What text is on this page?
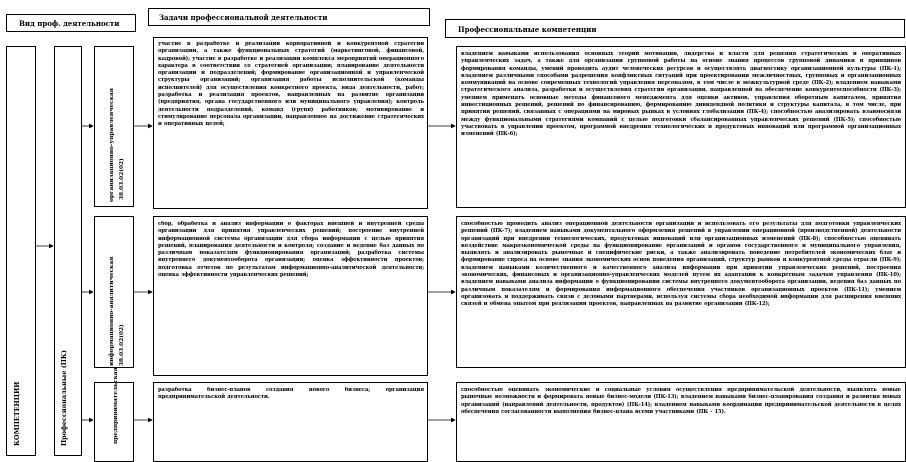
Вид проф. деятельности
Задачи профессиональной деятельности
Профессиональные компетенции
КОМПЕТЕНЦИИ	Профессиональные (ПК)
организационно-управленческая 38.03.02(02)
информационно-аналитическая 38.03.02(02)
предпринимательская
участие в разработке и реализации корпоративной и конкурентной стратегии организации, а также функциональных стратегий (маркетинговой, финансовой, кадровой); участие в разработке и реализации комплекса мероприятий операционного характера в соответствии со стратегией организации; планирование деятельности организации и подразделений; формирование организационной и управленческой структуры организаций; организация работы исполнительской (команды исполнителей) для осуществления конкретного проекта, вида деятельности, работ; разработка и реализация проектов, направленных на развитие организации (предприятия, органа государственного или муниципального управления); контроль деятельности подразделений, команд (групп) работников; мотивирование и стимулирование персонала организации, направленное на достижение стратегических и оперативных целей;
сбор, обработка и анализ информации о факторах внешней и внутренней среды организации для принятия управленческих решений; построение внутренней информационной системы организации для сбора информации с целью принятия решений, планирования деятельности и контроля; создание и ведение баз данных по различным показателям функционирования организаций; разработка системы внутреннего документооборота организации; оценка эффективности проектов; подготовка отчетов по результатам информационно-аналитической деятельности; оценка эффективности управленческих решений;
разработка бизнес-планов создания нового бизнеса; организация предпринимательской деятельности.
владением навыками использования основных теорий мотивации, лидерства и власти для решения стратегических и оперативных управленческих задач, а также для организации групповой работы на основе знания процессов групповой динамики и принципов формирования команды, умений проводить аудит человеческих ресурсов и осуществлять диагностику организационной культуры (ПК-1); владением различными способами разрешения конфликтных ситуаций при проектировании межличностных, групповых и организационных коммуникаций на основе современных технологий управления персоналом, в том числе в межкультурной среде (ПК-2); владением навыками стратегического анализа, разработки и осуществления стратегии организации, направленной на обеспечение конкурентоспособности (ПК-3); умением применять основные методы финансового менеджмента для оценки активов, управления оборотным капиталом, принятия инвестиционных решений, решений по финансированию, формированию дивидендной политики и структуры капитала, в том числе, при принятии решений, связанных с операциями на мировых рынках в условиях глобализации (ПК-4); способностью анализировать взаимосвязи между функциональными стратегиями компаний с целью подготовки сбалансированных управленческих решений (ПК-5); способностью участвовать в управлении проектом, программой внедрения технологических и продуктовых инноваций или программой организационных изменений (ПК-6);
способностью проводить анализ операционной деятельности организации и использовать его результаты для подготовки управленческих решений (ПК-7); владением навыками документального оформления решений в управлении операционной (производственной) деятельности организаций при внедрении технологических, продуктовых инноваций или организационных изменений (ПК-8); способностью оценивать воздействие макроэкономической среды на функционирование организаций и органов государственного и муниципального управления, выявлять и анализировать рыночные и специфические риски, а также анализировать поведение потребителей экономических благ и формирование спроса на основе знания экономических основ поведения организаций, структур рынков и конкурентной среды отрасли (ПК-9); владением навыками количественного и качественного анализа информации при принятии управленческих решений, построения экономических, финансовых и организационно-управленческих моделей путем их адаптации к конкретным задачам управления (ПК-10); владением навыками анализа информации о функционировании системы внутреннего документооборота организации, ведения баз данных по различным показателям и формирования информационного обеспечения участников организационных проектов (ПК-11); умением организовать и поддерживать связи с деловыми партнерами, используя системы сбора необходимой информации для расширения внешних связей и обмена опытом при реализации проектов, направленных на развитие организации (ПК-12);
способностью оценивать экономические и социальные условия осуществления предпринимательской деятельности, выявлять новые рыночные возможности и формировать новые бизнес-модели (ПК-13); владением навыками бизнес-планирования создания и развития новых организаций (направлений деятельности, продуктов) (ПК-14); владением навыками координации предпринимательской деятельности в целях обеспечения согласованности выполнения бизнес-плана всеми участниками (ПК - 15).
